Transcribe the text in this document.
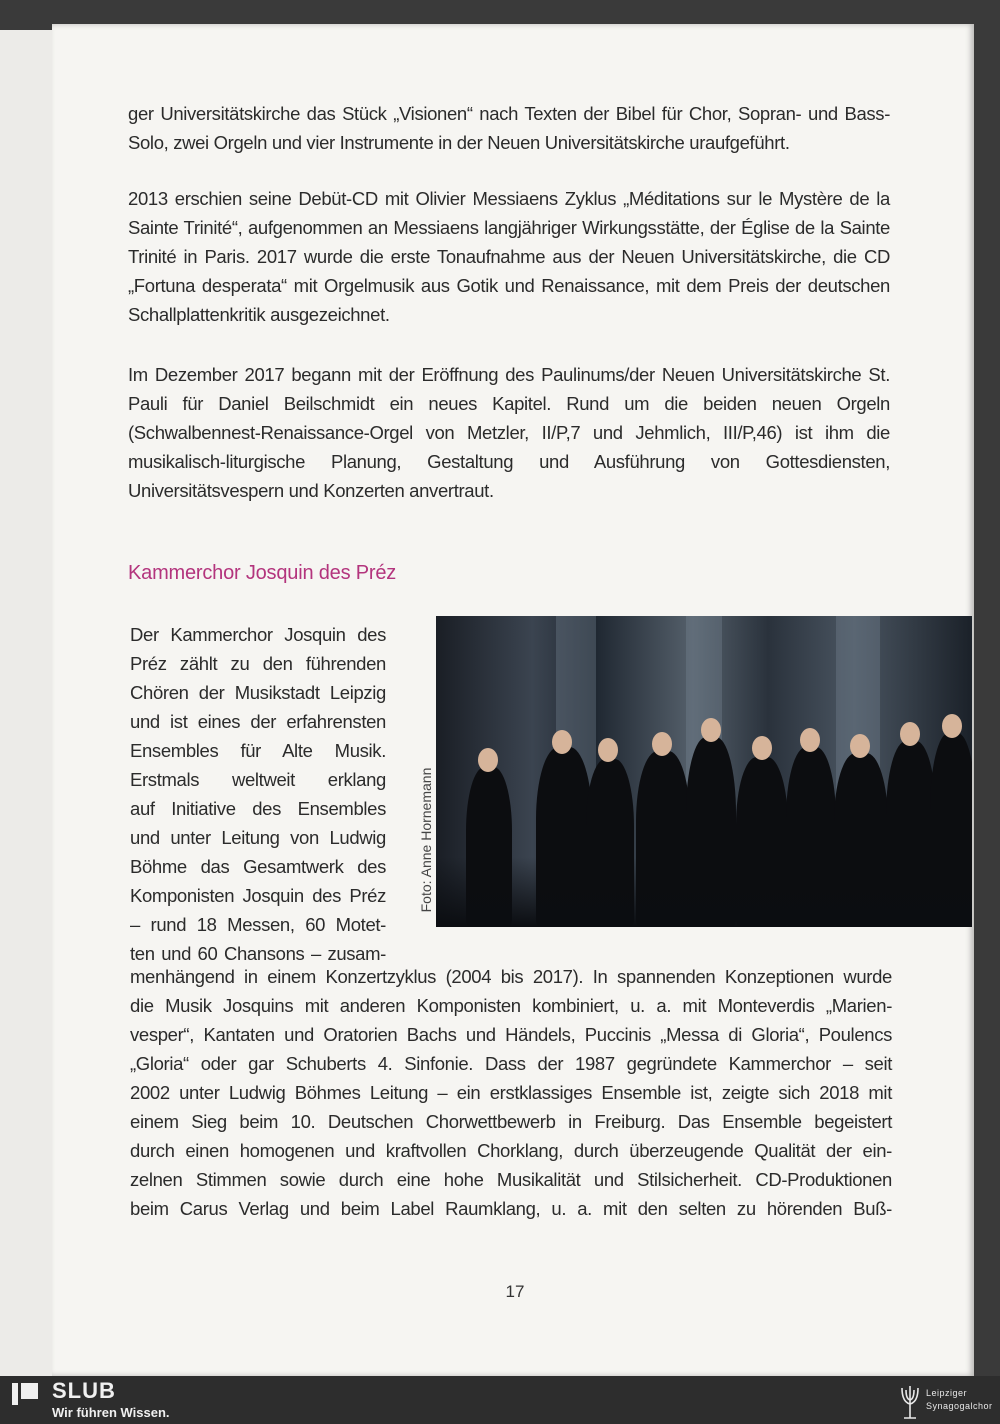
ger Universitätskirche das Stück „Visionen“ nach Texten der Bibel für Chor, Sopran- und Bass-Solo, zwei Orgeln und vier Instrumente in der Neuen Universitätskirche uraufgeführt.

2013 erschien seine Debüt-CD mit Olivier Messiaens Zyklus „Méditations sur le Mystère de la Sainte Trinité“, aufgenommen an Messiaens langjähriger Wirkungsstätte, der Église de la Sainte Trinité in Paris. 2017 wurde die erste Tonaufnahme aus der Neuen Universitätskirche, die CD „Fortuna desperata“ mit Orgelmusik aus Gotik und Renaissance, mit dem Preis der deutschen Schallplattenkritik ausgezeichnet.

Im Dezember 2017 begann mit der Eröffnung des Paulinums/der Neuen Universitätskirche St. Pauli für Daniel Beilschmidt ein neues Kapitel. Rund um die beiden neuen Orgeln (Schwalbennest-Renaissance-Orgel von Metzler, II/P,7 und Jehmlich, III/P,46) ist ihm die musikalisch-liturgische Planung, Gestaltung und Ausführung von Gottesdiensten, Universitätsvespern und Konzerten anvertraut.

Kammerchor Josquin des Préz
Der Kammerchor Josquin des
Préz zählt zu den führenden
Chören der Musikstadt Leipzig
und ist eines der erfahrensten
Ensembles für Alte Musik.
Erstmals weltweit erklang
auf Initiative des Ensembles
und unter Leitung von Ludwig
Böhme das Gesamtwerk des
Komponisten Josquin des Préz
– rund 18 Messen, 60 Motet-
ten und 60 Chansons – zusam-
Foto: Anne Hornemann
menhängend in einem Konzertzyklus (2004 bis 2017). In spannenden Konzeptionen wurde
die Musik Josquins mit anderen Komponisten kombiniert, u. a. mit Monteverdis „Marien-
vesper“, Kantaten und Oratorien Bachs und Händels, Puccinis „Messa di Gloria“, Poulencs
„Gloria“ oder gar Schuberts 4. Sinfonie. Dass der 1987 gegründete Kammerchor – seit
2002 unter Ludwig Böhmes Leitung – ein erstklassiges Ensemble ist, zeigte sich 2018 mit
einem Sieg beim 10. Deutschen Chorwettbewerb in Freiburg. Das Ensemble begeistert
durch einen homogenen und kraftvollen Chorklang, durch überzeugende Qualität der ein-
zelnen Stimmen sowie durch eine hohe Musikalität und Stilsicherheit. CD-Produktionen
beim Carus Verlag und beim Label Raumklang, u. a. mit den selten zu hörenden Buß-
17
SLUB
Wir führen Wissen.
Leipziger
Synagogalchor
